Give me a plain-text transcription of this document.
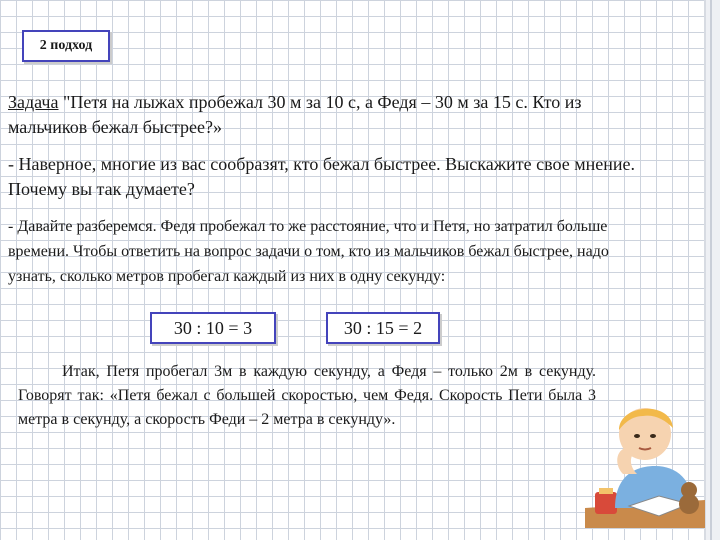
2 подход
Задача "Петя на лыжах пробежал 30 м за 10 с, а Федя – 30 м за 15 с. Кто из мальчиков бежал быстрее?»
- Наверное, многие из вас сообразят, кто бежал быстрее. Выскажите свое мнение. Почему вы так думаете?
- Давайте разберемся. Федя пробежал то же расстояние, что и Петя, но затратил больше времени. Чтобы ответить на вопрос задачи о том, кто из мальчиков бежал быстрее, надо узнать, сколько метров пробегал каждый из них в одну секунду:
30 : 10 = 3	30 : 15 = 2
Итак, Петя пробегал 3м в каждую секунду, а Федя – только 2м в секунду. Говорят так: «Петя бежал с большей скоростью, чем Федя. Скорость Пети была 3 метра в секунду, а скорость Феди – 2 метра в секунду».
